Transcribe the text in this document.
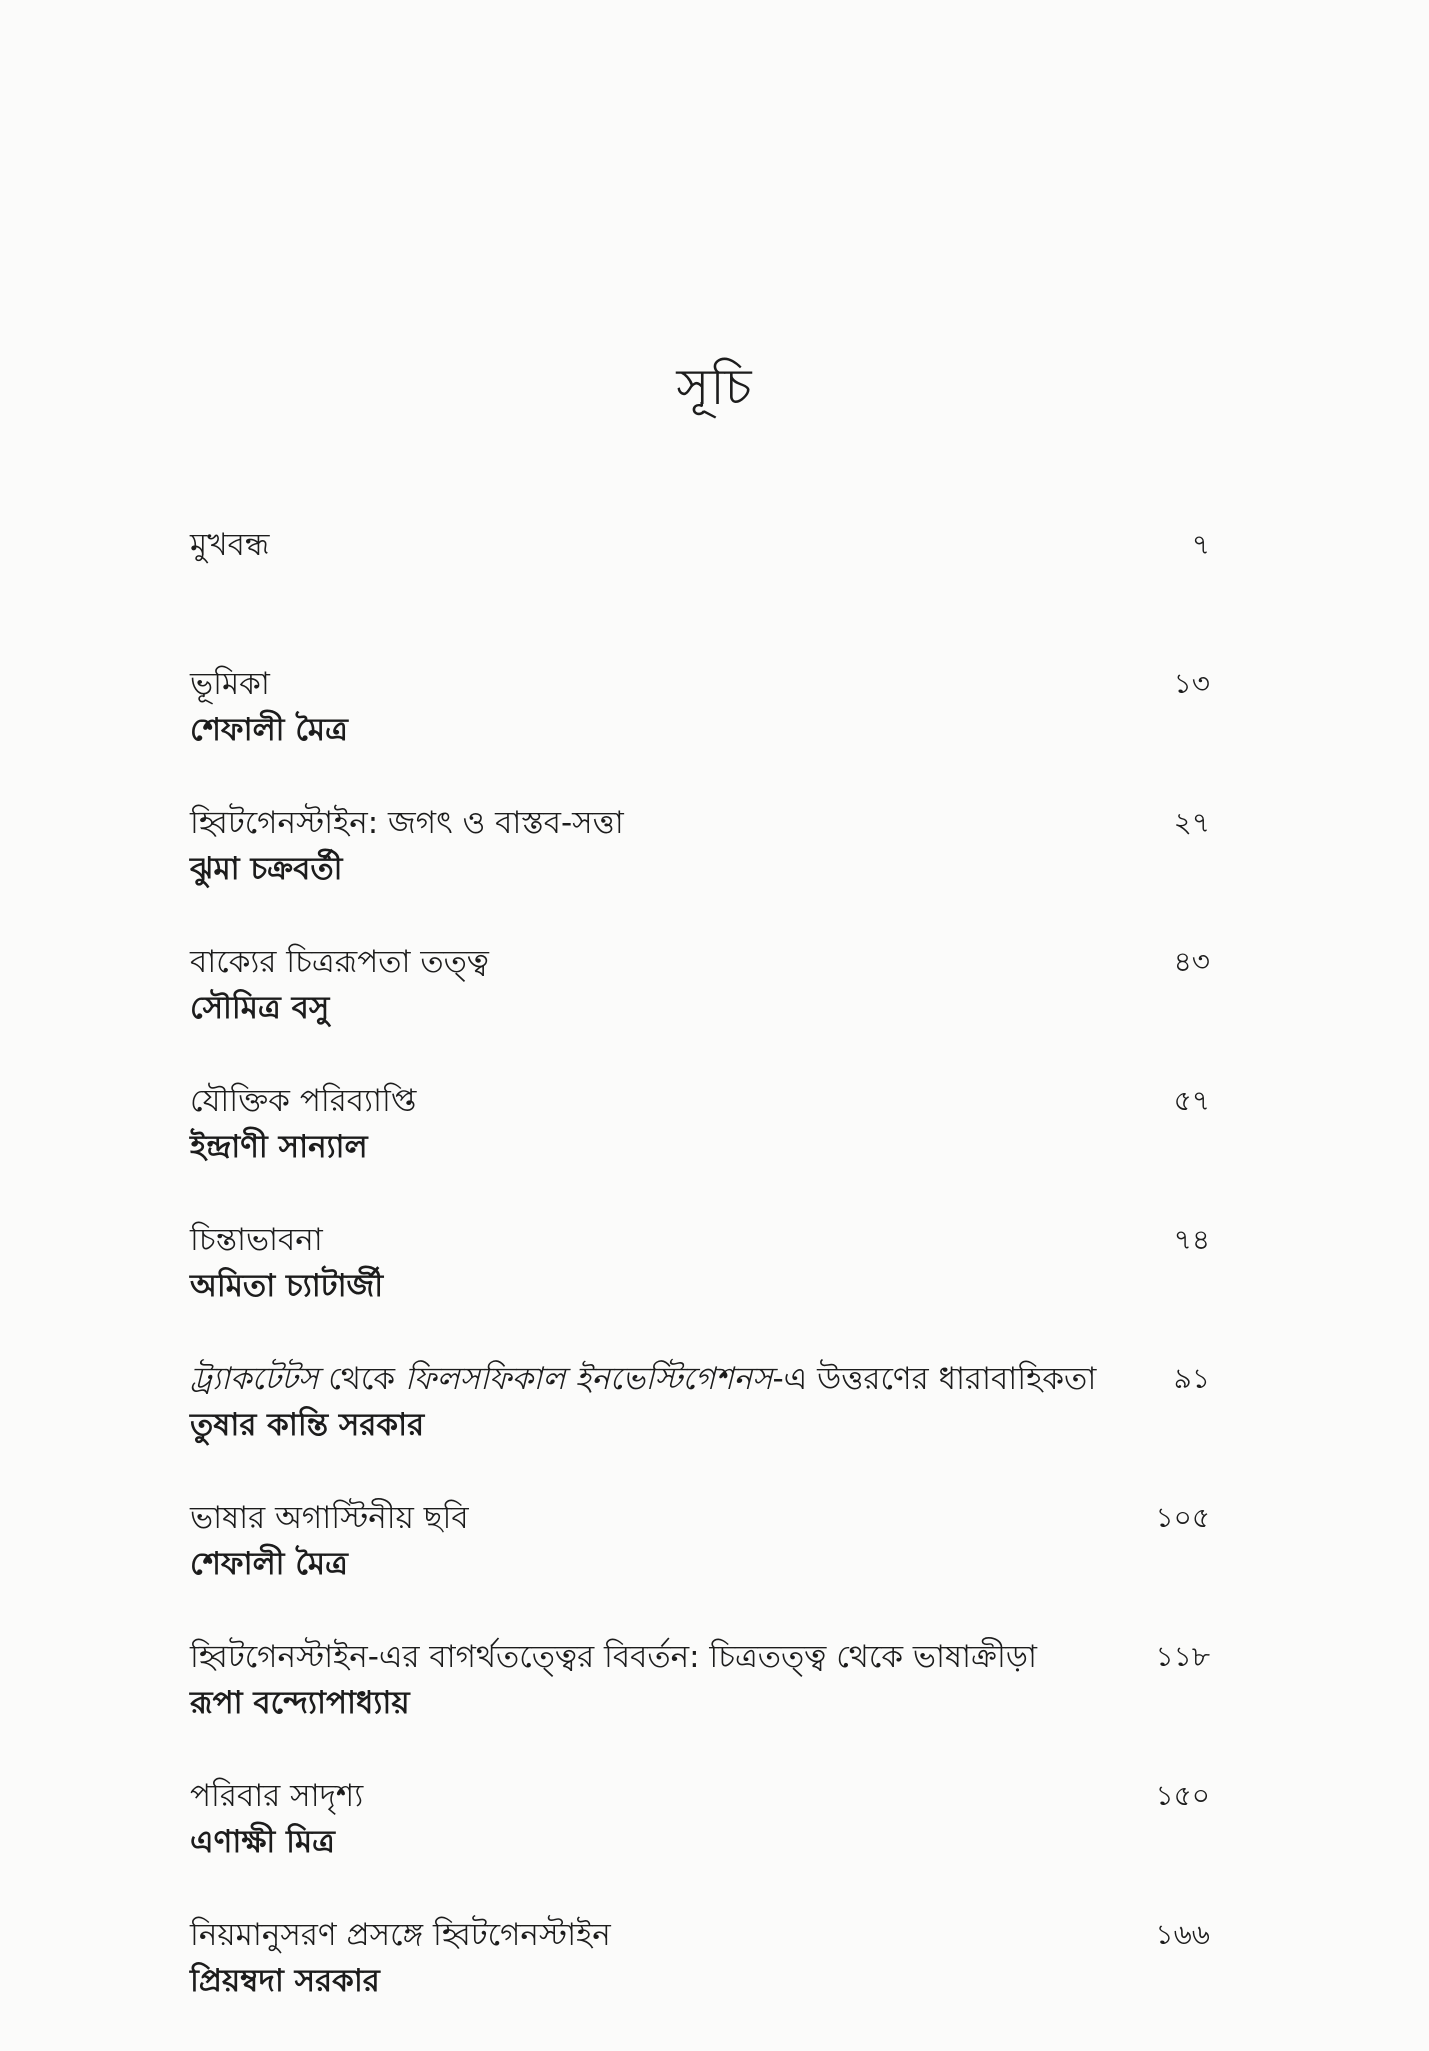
সূচি
মুখবন্ধ	৭
ভূমিকা
শেফালী মৈত্র
১৩
হ্বিটগেনস্টাইন: জগৎ ও বাস্তব-সত্তা
ঝুমা চক্রবর্তী
২৭
বাক্যের চিত্ররূপতা তত্ত্ব
সৌমিত্র বসু
৪৩
যৌক্তিক পরিব্যাপ্তি
ইন্দ্রাণী সান্যাল
৫৭
চিন্তাভাবনা
অমিতা চ্যাটার্জী
৭৪
ট্র্যাকটেটস থেকে ফিলসফিকাল ইনভেস্টিগেশনস-এ উত্তরণের ধারাবাহিকতা
তুষার কান্তি সরকার
৯১
ভাষার অগাস্টিনীয় ছবি
শেফালী মৈত্র
১০৫
হ্বিটগেনস্টাইন-এর বাগর্থতত্ত্বের বিবর্তন: চিত্রতত্ত্ব থেকে ভাষাক্রীড়া
রূপা বন্দ্যোপাধ্যায়
১১৮
পরিবার সাদৃশ্য
এণাক্ষী মিত্র
১৫০
নিয়মানুসরণ প্রসঙ্গে হ্বিটগেনস্টাইন
প্রিয়ম্বদা সরকার
১৬৬
